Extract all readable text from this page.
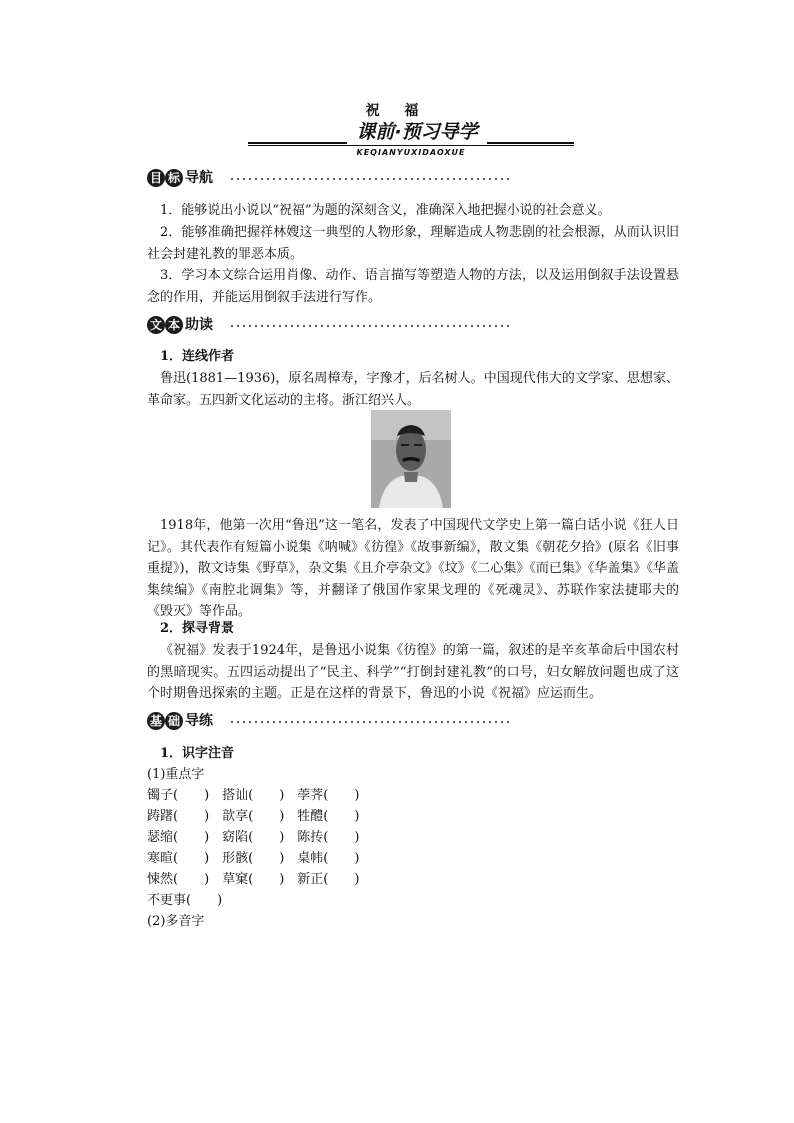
祝 福
课前·预习导学
KEQIANYUXIDAOXUE
目 标 导航

1．能够说出小说以“祝福”为题的深刻含义，准确深入地把握小说的社会意义。

2．能够准确把握祥林嫂这一典型的人物形象，理解造成人物悲剧的社会根源，从而认识旧社会封建礼教的罪恶本质。

3．学习本文综合运用肖像、动作、语言描写等塑造人物的方法，以及运用倒叙手法设置悬念的作用，并能运用倒叙手法进行写作。

文 本 助读

1．连线作者

鲁迅(1881—1936)，原名周樟寿，字豫才，后名树人。中国现代伟大的文学家、思想家、革命家。五四新文化运动的主将。浙江绍兴人。

1918年，他第一次用“鲁迅”这一笔名，发表了中国现代文学史上第一篇白话小说《狂人日记》。其代表作有短篇小说集《呐喊》《彷徨》《故事新编》，散文集《朝花夕拾》(原名《旧事重提》)，散文诗集《野草》，杂文集《且介亭杂文》《坟》《二心集》《而已集》《华盖集》《华盖集续编》《南腔北调集》等，并翻译了俄国作家果戈理的《死魂灵》、苏联作家法捷耶夫的《毁灭》等作品。

2．探寻背景

《祝福》发表于1924年，是鲁迅小说集《彷徨》的第一篇，叙述的是辛亥革命后中国农村的黑暗现实。五四运动提出了“民主、科学”“打倒封建礼教”的口号，妇女解放问题也成了这个时期鲁迅探索的主题。正是在这样的背景下，鲁迅的小说《祝福》应运而生。

基 础 导练

1．识字注音

(1)重点字

镯子(　　)　搭讪(　　)　荸荠(　　)

踌躇(　　)　歆享(　　)　牲醴(　　)

瑟缩(　　)　窈陷(　　)　陈抟(　　)

寒暄(　　)　形骸(　　)　桌帏(　　)

悚然(　　)　草窠(　　)　新正(　　)

不更事(　　)

(2)多音字
